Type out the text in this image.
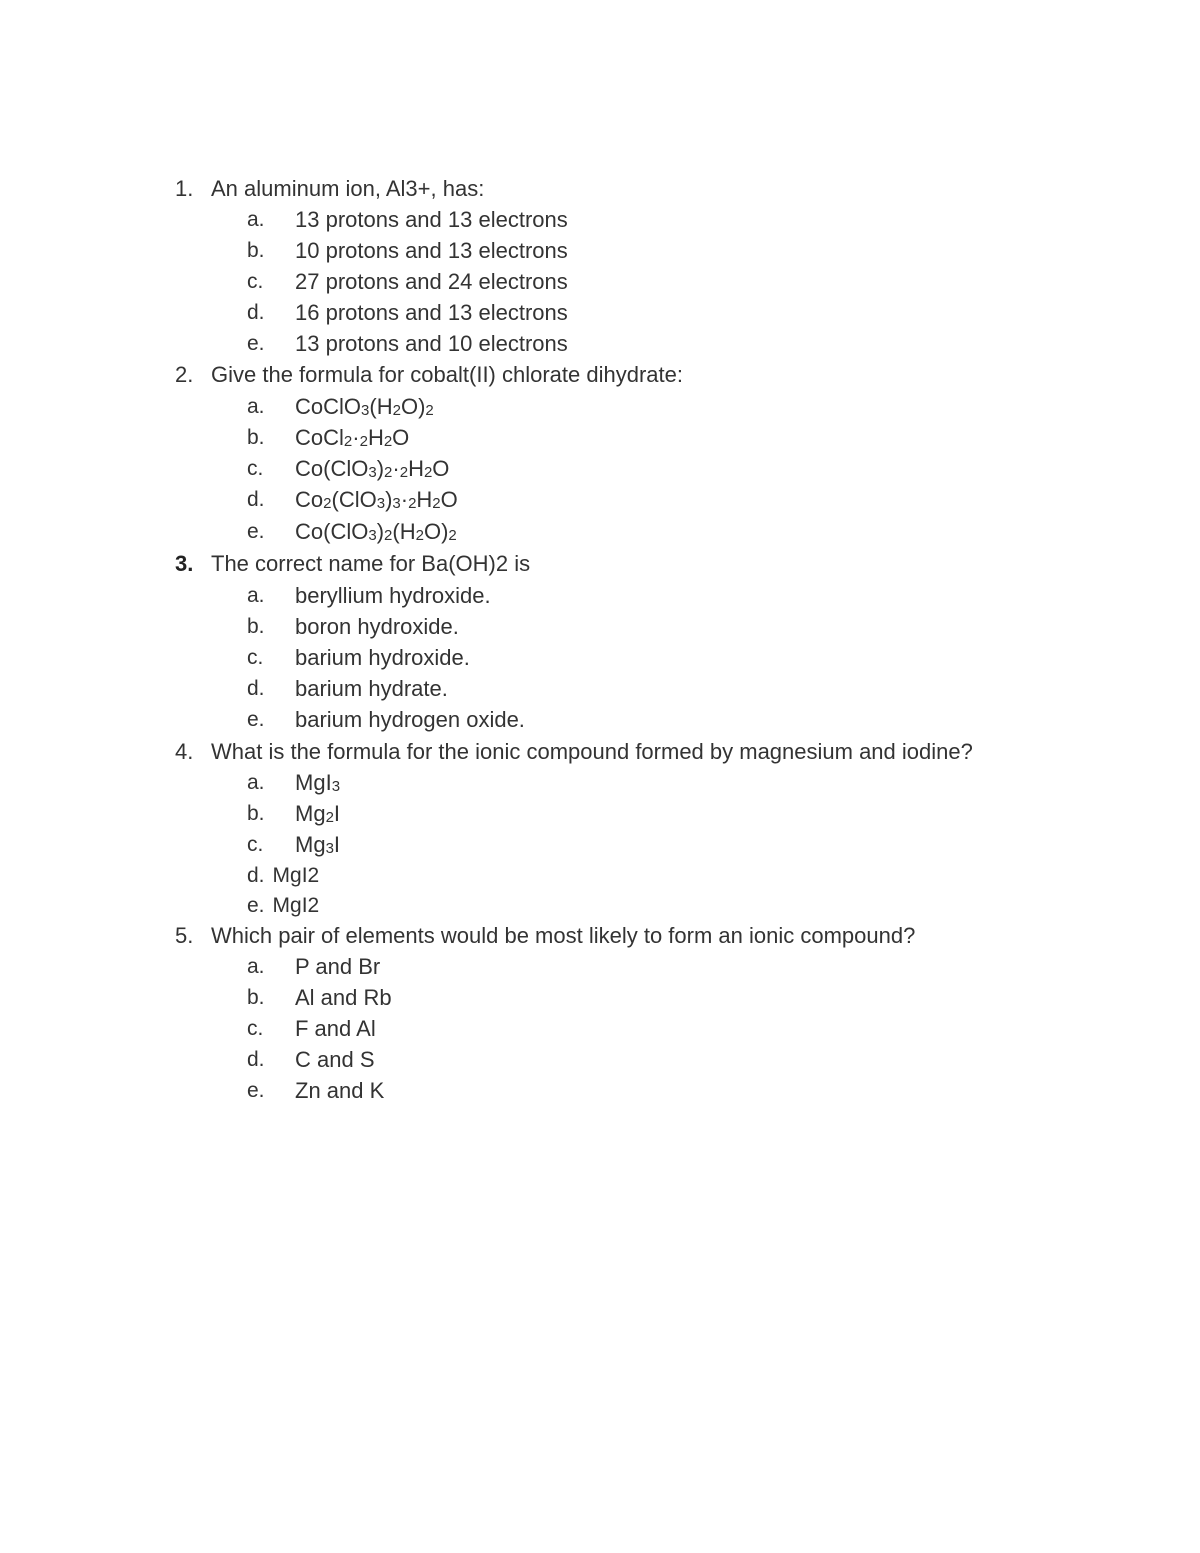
1. An aluminum ion, Al3+, has:
a.	13 protons and 13 electrons
b.	10 protons and 13 electrons
c.	27 protons and 24 electrons
d.	16 protons and 13 electrons
e.	13 protons and 10 electrons
2. Give the formula for cobalt(II) chlorate dihydrate:
a.	CoClO3(H2O)2
b.	CoCl2·2H2O
c.	Co(ClO3)2·2H2O
d.	Co2(ClO3)3·2H2O
e.	Co(ClO3)2(H2O)2
3. The correct name for Ba(OH)2 is
a.	beryllium hydroxide.
b.	boron hydroxide.
c.	barium hydroxide.
d.	barium hydrate.
e.	barium hydrogen oxide.
4. What is the formula for the ionic compound formed by magnesium and iodine?
a.	MgI3
b.	Mg2I
c.	Mg3I
d. MgI2
e. MgI2
5. Which pair of elements would be most likely to form an ionic compound?
a.	P and Br
b.	Al and Rb
c.	F and Al
d.	C and S
e.	Zn and K
